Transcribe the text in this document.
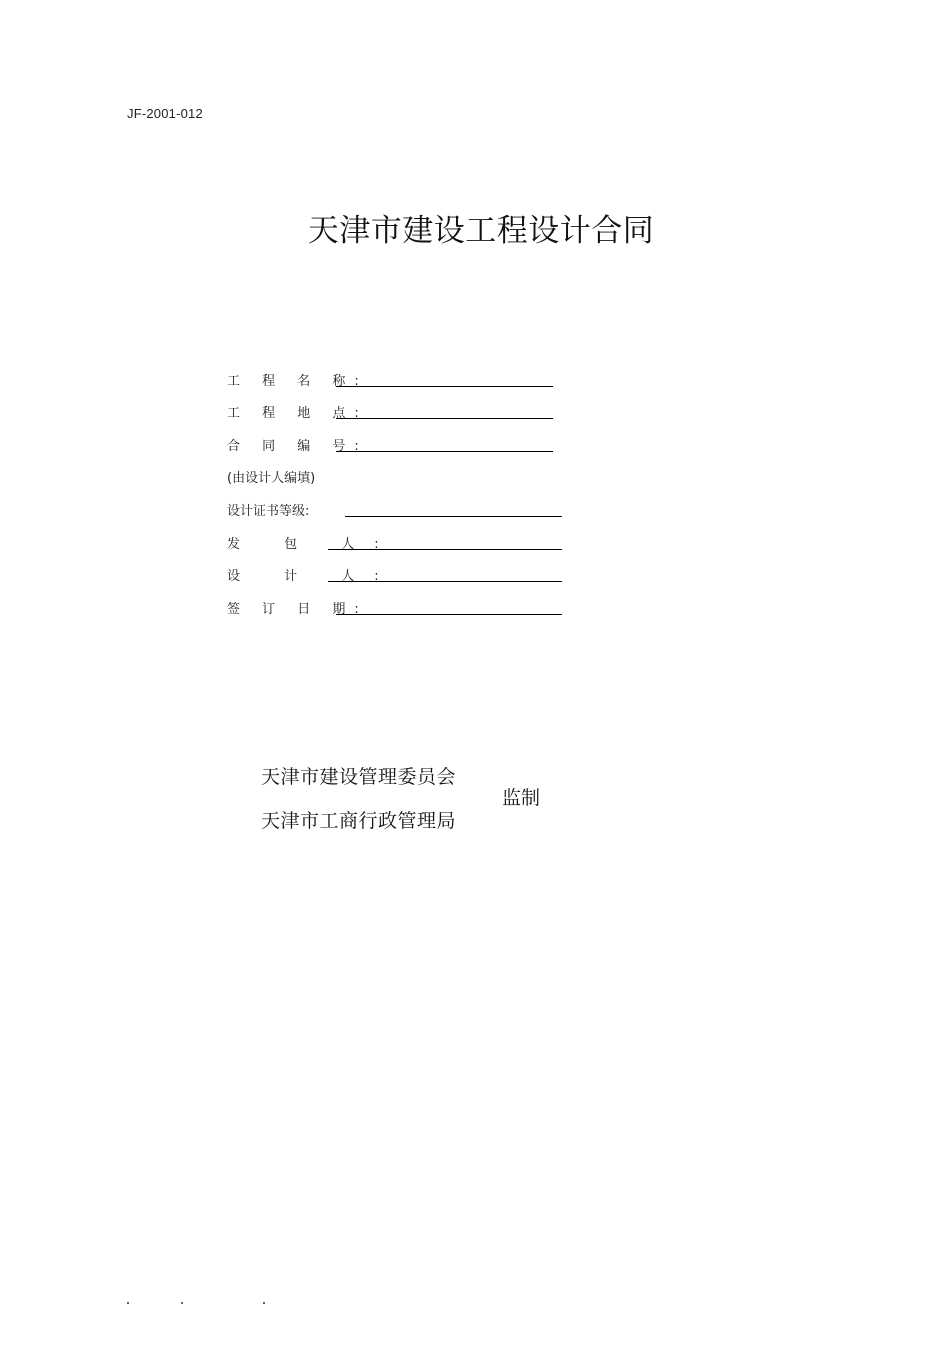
JF-2001-012
天津市建设工程设计合同
工 程 名 称:
工 程 地 点:
合 同 编 号:
(由设计人编填)
设计证书等级:
发 包 人:
设 计 人:
签 订 日 期:
天津市建设管理委员会
天津市工商行政管理局
监制
